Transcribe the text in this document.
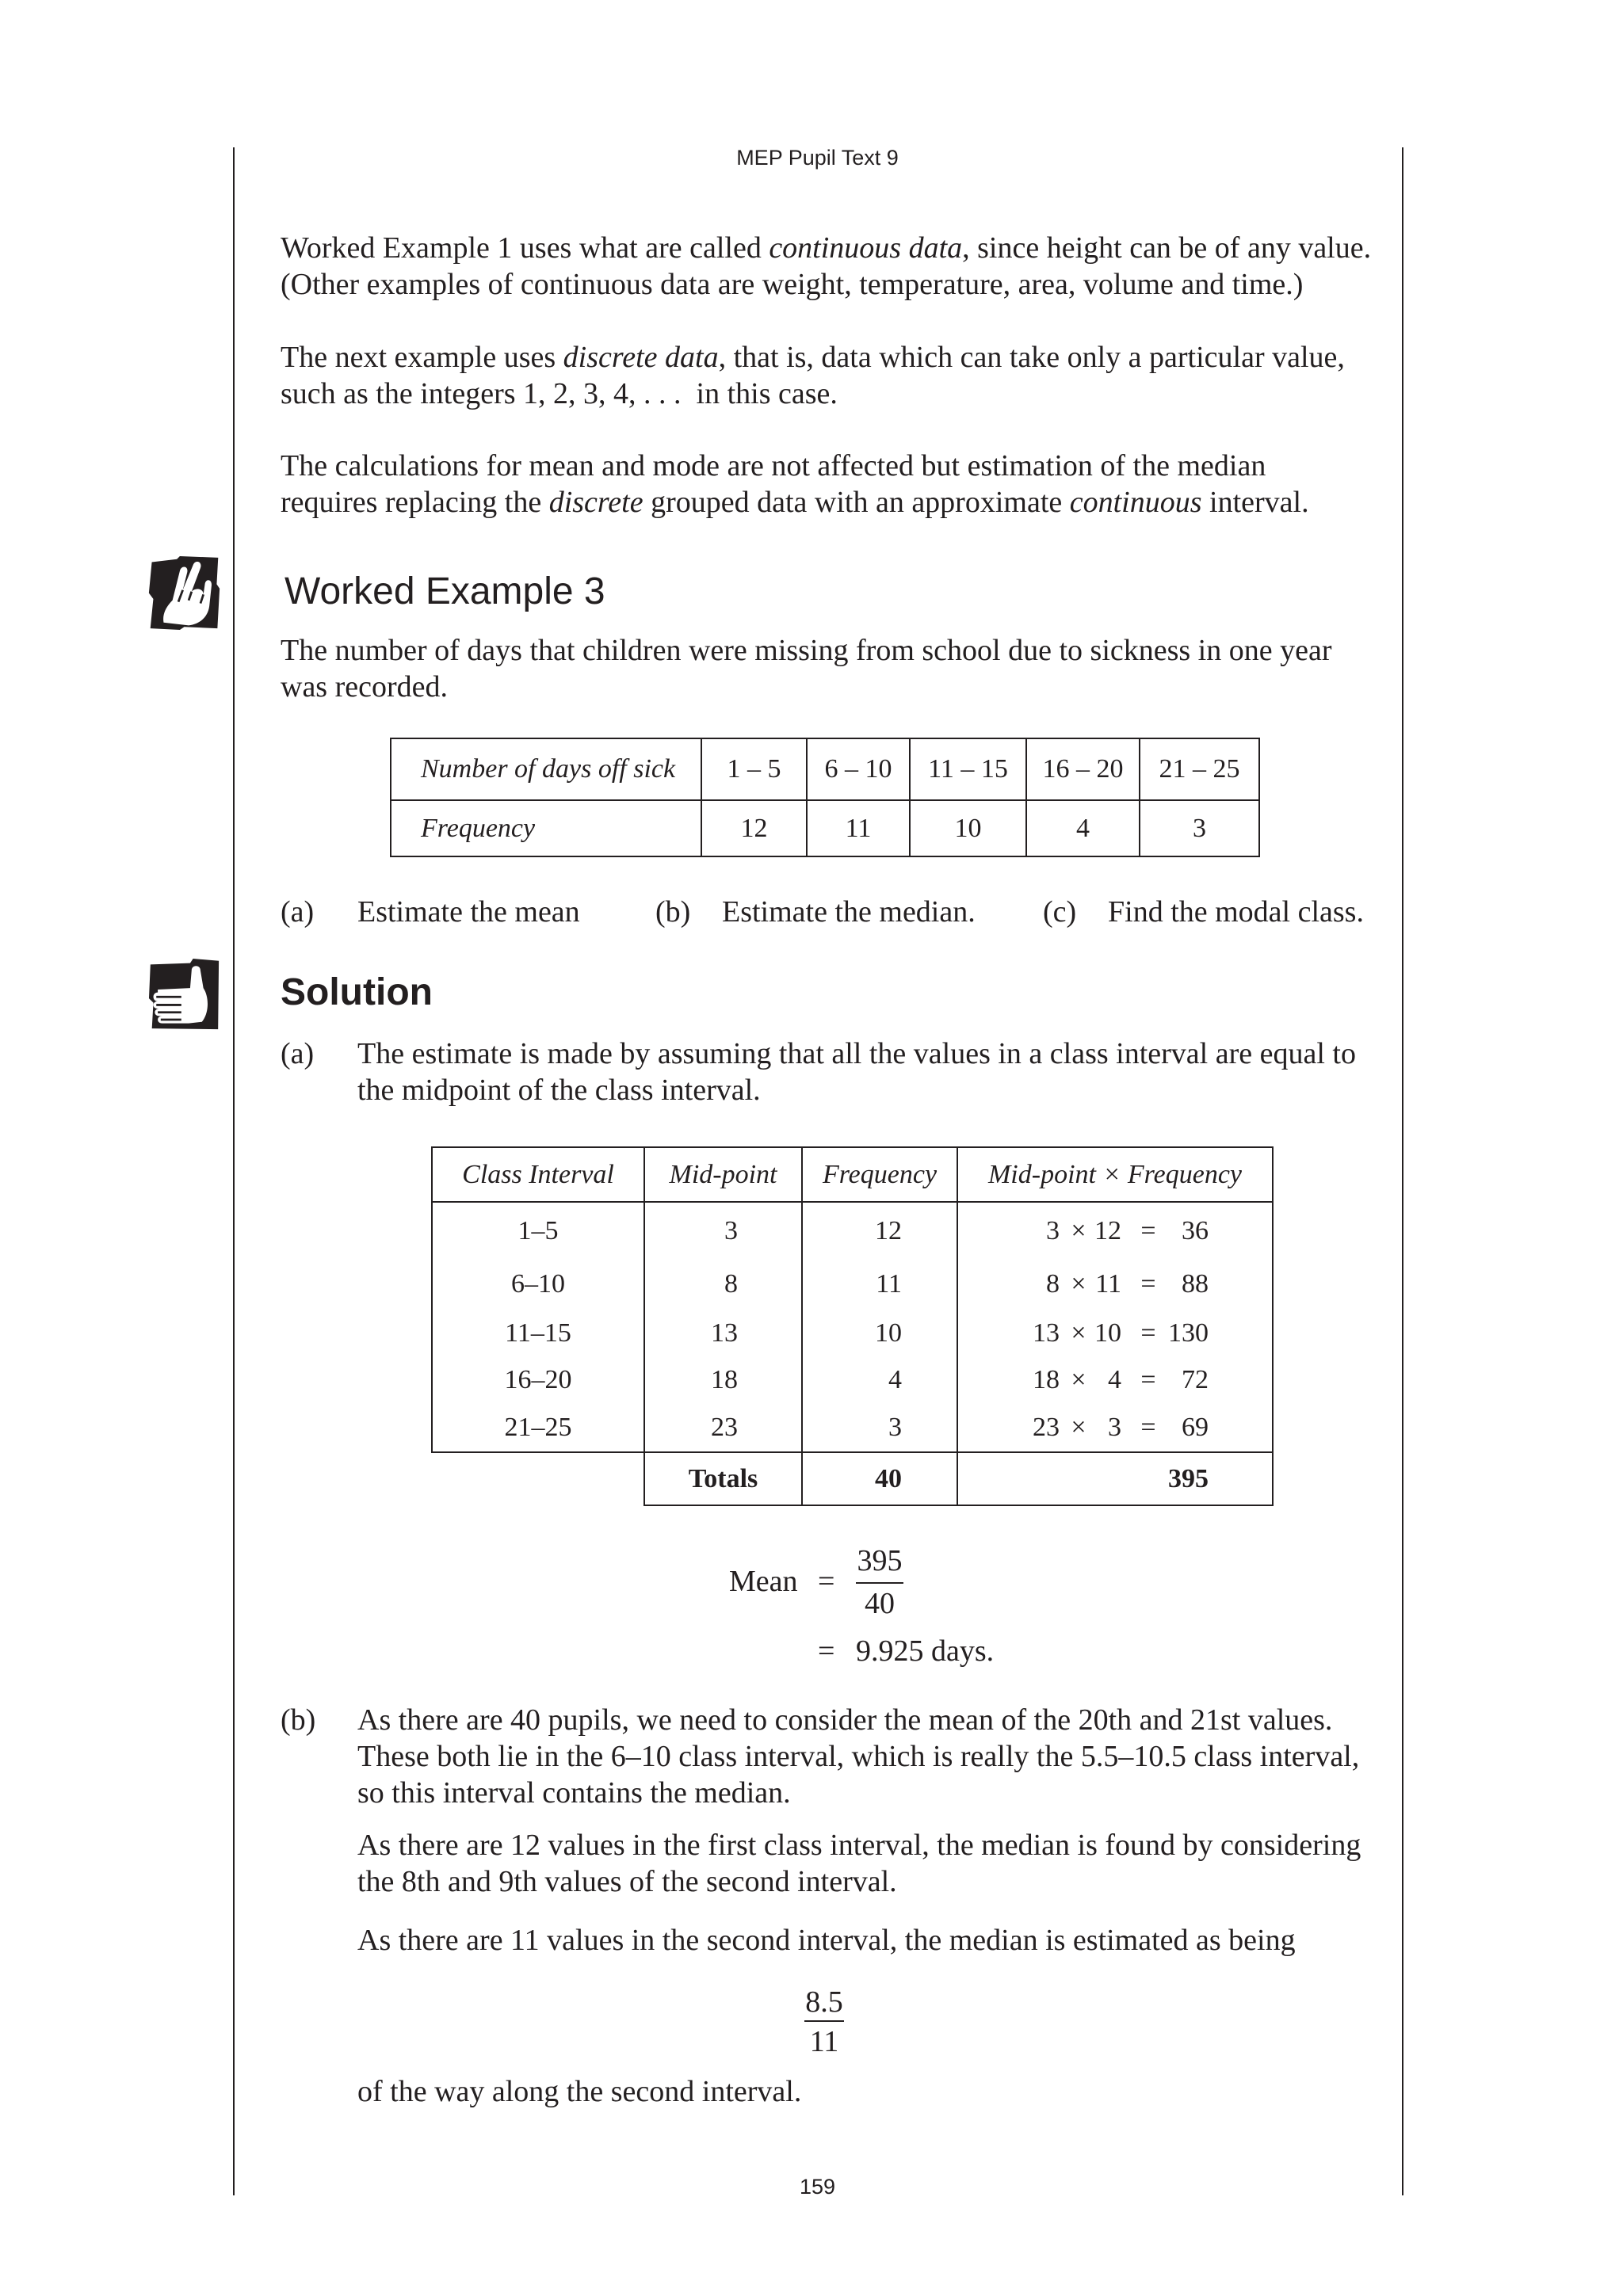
MEP Pupil Text 9
Worked Example 1 uses what are called continuous data, since height can be of any value.
(Other examples of continuous data are weight, temperature, area, volume and time.)
The next example uses discrete data, that is, data which can take only a particular value,
such as the integers 1, 2, 3, 4, . . .  in this case.
The calculations for mean and mode are not affected but estimation of the median
requires replacing the discrete grouped data with an approximate continuous interval.
Worked Example 3
The number of days that children were missing from school due to sickness in one year
was recorded.
Number of days off sick	1 – 5	6 – 10	11 – 15	16 – 20	21 – 25
Frequency	12	11	10	4	3
(a) Estimate the mean	(b) Estimate the median. (c) Find the modal class.
Solution
(a) The estimate is made by assuming that all the values in a class interval are equal to
the midpoint of the class interval.
Class Interval	Mid-point	Frequency	Mid-point × Frequency
1–5	3	12	3 × 12 = 36

6–10	8	11	8 × 11 = 88

11–15	13	10	13 × 10 = 130

16–20	18	4	18 × 4 = 72

21–25	23	3	23 × 3 = 69

	Totals	40	395
Mean =
395
40
= 9.925 days.
(b) As there are 40 pupils, we need to consider the mean of the 20th and 21st values.
These both lie in the 6–10 class interval, which is really the 5.5–10.5 class interval,
so this interval contains the median.
As there are 12 values in the first class interval, the median is found by considering
the 8th and 9th values of the second interval.
As there are 11 values in the second interval, the median is estimated as being
8.5
11
of the way along the second interval.
159
